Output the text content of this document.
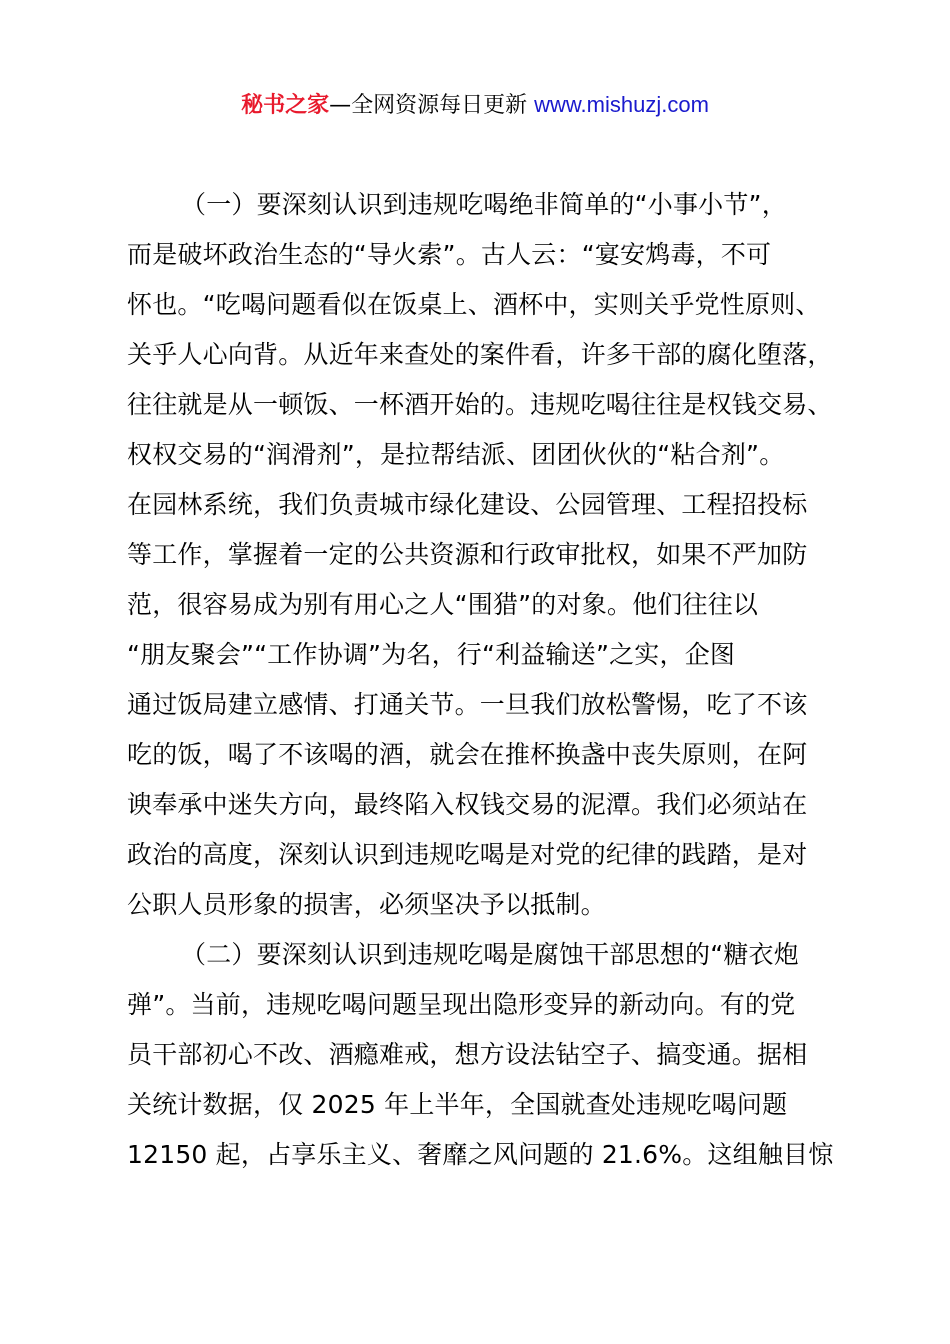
秘书之家—全网资源每日更新 www.mishuzj.com
（一）要深刻认识到违规吃喝绝非简单的“小事小节”，
而是破坏政治生态的“导火索”。古人云：“宴安鸩毒，不可
怀也。“吃喝问题看似在饭桌上、酒杯中，实则关乎党性原则、
关乎人心向背。从近年来查处的案件看，许多干部的腐化堕落，
往往就是从一顿饭、一杯酒开始的。违规吃喝往往是权钱交易、
权权交易的“润滑剂”，是拉帮结派、团团伙伙的“粘合剂”。
在园林系统，我们负责城市绿化建设、公园管理、工程招投标
等工作，掌握着一定的公共资源和行政审批权，如果不严加防
范，很容易成为别有用心之人“围猎”的对象。他们往往以
“朋友聚会”“工作协调”为名，行“利益输送”之实，企图
通过饭局建立感情、打通关节。一旦我们放松警惕，吃了不该
吃的饭，喝了不该喝的酒，就会在推杯换盏中丧失原则，在阿
谀奉承中迷失方向，最终陷入权钱交易的泥潭。我们必须站在
政治的高度，深刻认识到违规吃喝是对党的纪律的践踏，是对
公职人员形象的损害，必须坚决予以抵制。
（二）要深刻认识到违规吃喝是腐蚀干部思想的“糖衣炮
弹”。当前，违规吃喝问题呈现出隐形变异的新动向。有的党
员干部初心不改、酒瘾难戒，想方设法钻空子、搞变通。据相
关统计数据，仅 2025 年上半年，全国就查处违规吃喝问题
12150 起，占享乐主义、奢靡之风问题的 21.6%。这组触目惊
